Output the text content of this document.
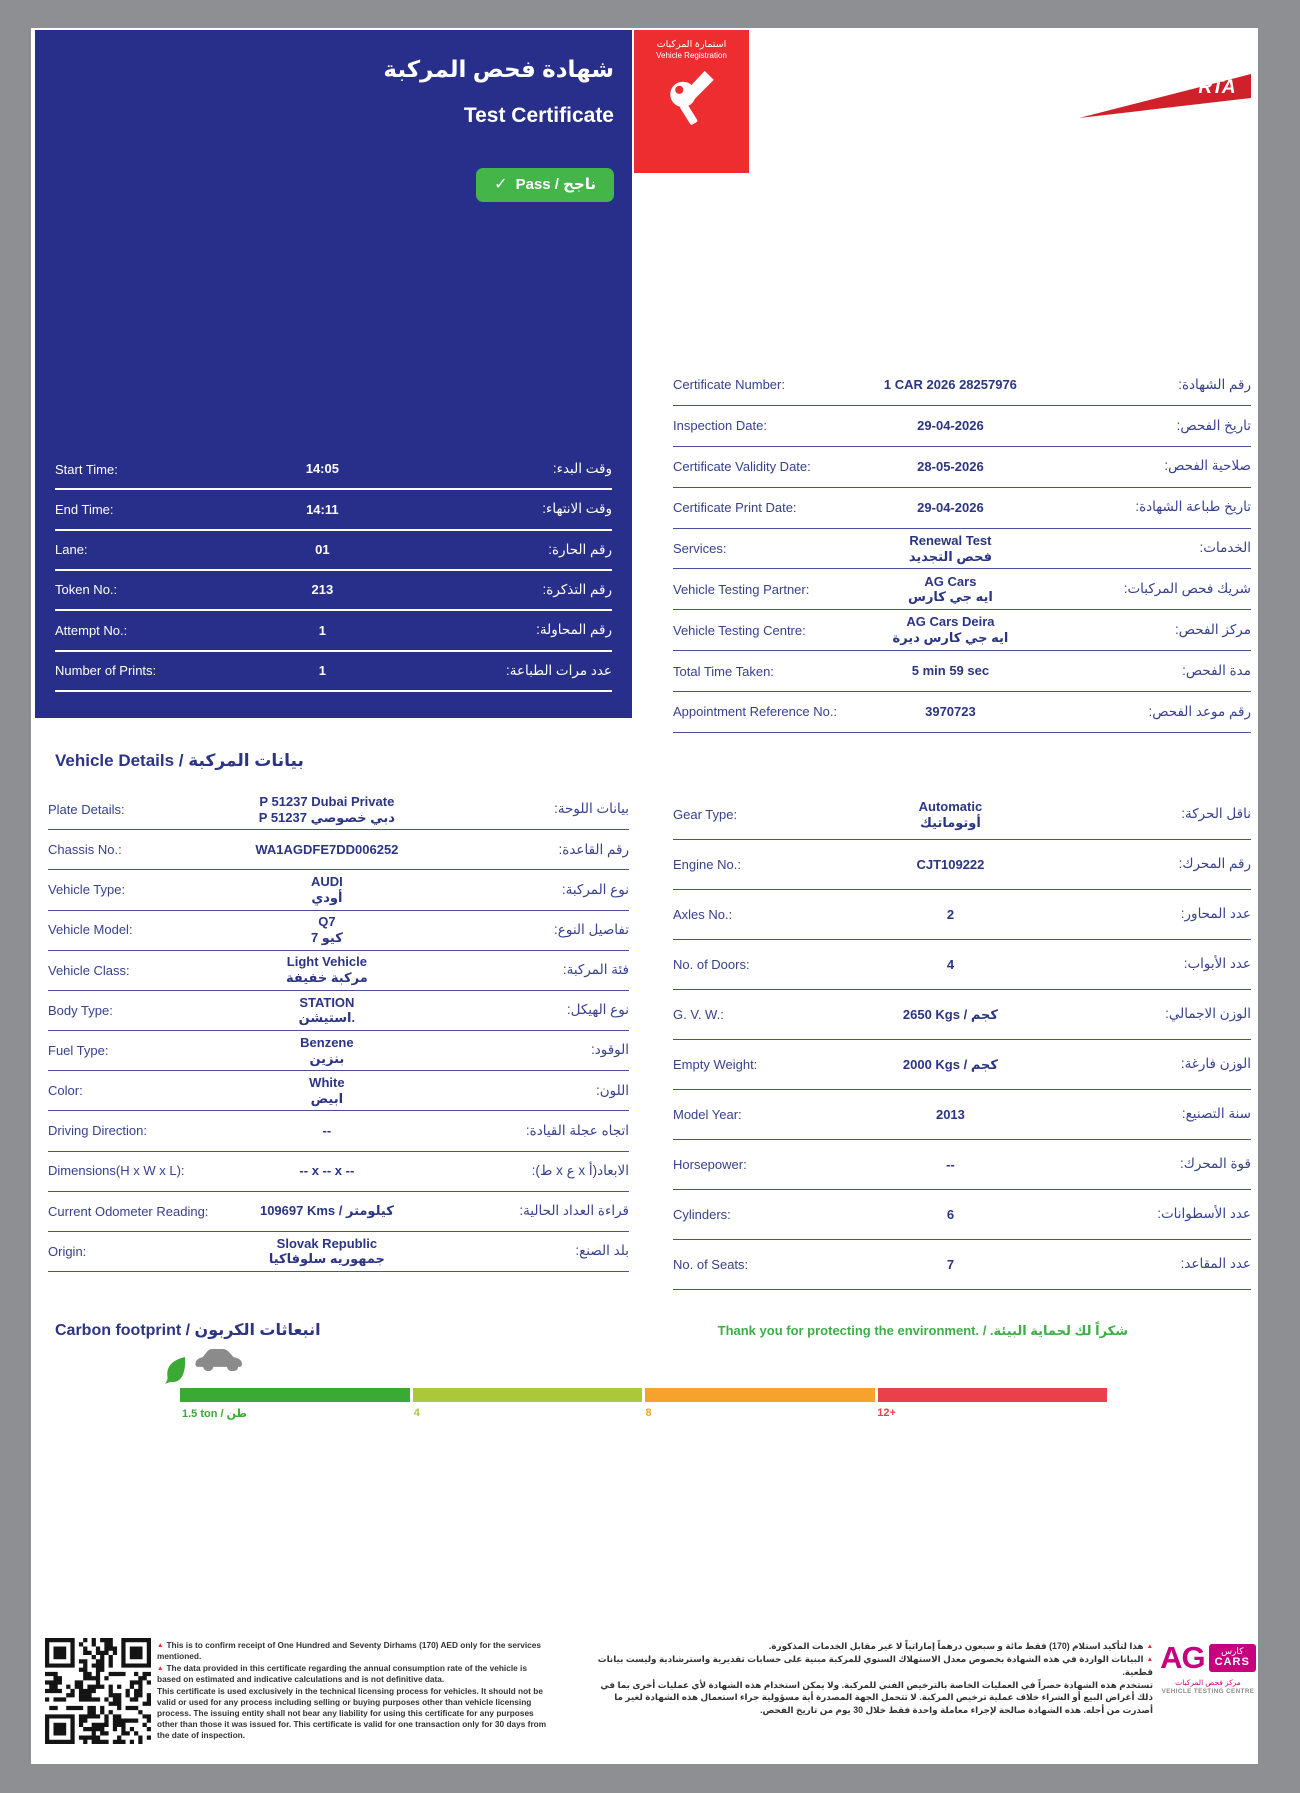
شهادة فحص المركبة
Test Certificate
✓ Pass / ناجح
Start Time:	14:05	وقت البدء:
End Time:	14:11	وقت الانتهاء:
Lane:	01	رقم الحارة:
Token No.:	213	رقم التذكرة:
Attempt No.:	1	رقم المحاولة:
Number of Prints:	1	عدد مرات الطباعة:
استمارة المركبات
Vehicle Registration
RTA
Certificate Number:	1 CAR 2026 28257976	رقم الشهادة:
Inspection Date:	29-04-2026	تاريخ الفحص:
Certificate Validity Date:	28-05-2026	صلاحية الفحص:
Certificate Print Date:	29-04-2026	تاريخ طباعة الشهادة:
Services:
Renewal Test
فحص التجديد
الخدمات:
Vehicle Testing Partner:
AG Cars
ايه جي كارس
شريك فحص المركبات:
Vehicle Testing Centre:
AG Cars Deira
ايه جي كارس ديرة
مركز الفحص:
Total Time Taken:	5 min 59 sec	مدة الفحص:
Appointment Reference No.:	3970723	رقم موعد الفحص:
Vehicle Details / بيانات المركبة
Plate Details:
P 51237 Dubai Private
P 51237 دبي خصوصي
بيانات اللوحة:
Chassis No.:	WA1AGDFE7DD006252	رقم القاعدة:
Vehicle Type:
AUDI
أودي
نوع المركبة:
Vehicle Model:
Q7
كيو 7
تفاصيل النوع:
Vehicle Class:
Light Vehicle
مركبة خفيفة
فئة المركبة:
Body Type:
STATION
استيشن.
نوع الهيكل:
Fuel Type:
Benzene
بنزين
الوقود:
Color:
White
ابيض
اللون:
Driving Direction:	--	اتجاه عجلة القيادة:
Dimensions(H x W x L):	-- x -- x --	الابعاد(أ x ع x ط):
Current Odometer Reading:	109697 Kms / كيلومتر	قراءة العداد الحالية:
Origin:
Slovak Republic
جمهوريه سلوفاكيا
بلد الصنع:
Gear Type:
Automatic
أوتوماتيك
ناقل الحركة:
Engine No.:	CJT109222	رقم المحرك:
Axles No.:	2	عدد المحاور:
No. of Doors:	4	عدد الأبواب:
G. V. W.:	2650 Kgs / كجم	الوزن الاجمالي:
Empty Weight:	2000 Kgs / كجم	الوزن فارغة:
Model Year:	2013	سنة التصنيع:
Horsepower:	--	قوة المحرك:
Cylinders:	6	عدد الأسطوانات:
No. of Seats:	7	عدد المقاعد:
Carbon footprint / انبعاثات الكربون	Thank you for protecting the environment. / شكراً لك لحماية البيئة.
1.5 ton / طن	4	8	12+
▲ This is to confirm receipt of One Hundred and Seventy Dirhams (170) AED only for the services mentioned.
▲ The data provided in this certificate regarding the annual consumption rate of the vehicle is based on estimated and indicative calculations and is not definitive data.
This certificate is used exclusively in the technical licensing process for vehicles. It should not be valid or used for any process including selling or buying purposes other than vehicle licensing process. The issuing entity shall not bear any liability for using this certificate for any purposes other than those it was issued for. This certificate is valid for one transaction only for 30 days from the date of inspection.
▲هذا لتأكيد استلام (170) فقط مائة و سبعون درهماً إماراتياً لا غير مقابل الخدمات المذكورة.
▲البيانات الواردة في هذه الشهادة بخصوص معدل الاستهلاك السنوي للمركبة مبنية على حسابات تقديرية واسترشادية وليست بيانات قطعية.
تستخدم هذه الشهادة حصراً في العمليات الخاصة بالترخيص الفني للمركبة. ولا يمكن استخدام هذه الشهادة لأي عمليات أخرى بما في ذلك أغراض البيع أو الشراء خلاف عملية ترخيص المركبة. لا تتحمل الجهة المصدرة أية مسؤولية جراء استعمال هذه الشهادة لغير ما أصدرت من أجله. هذه الشهادة صالحة لإجراء معاملة واحدة فقط خلال 30 يوم من تاريخ الفحص.
AG	كارس
CARS
مركز فحص المركبات
VEHICLE TESTING CENTRE
